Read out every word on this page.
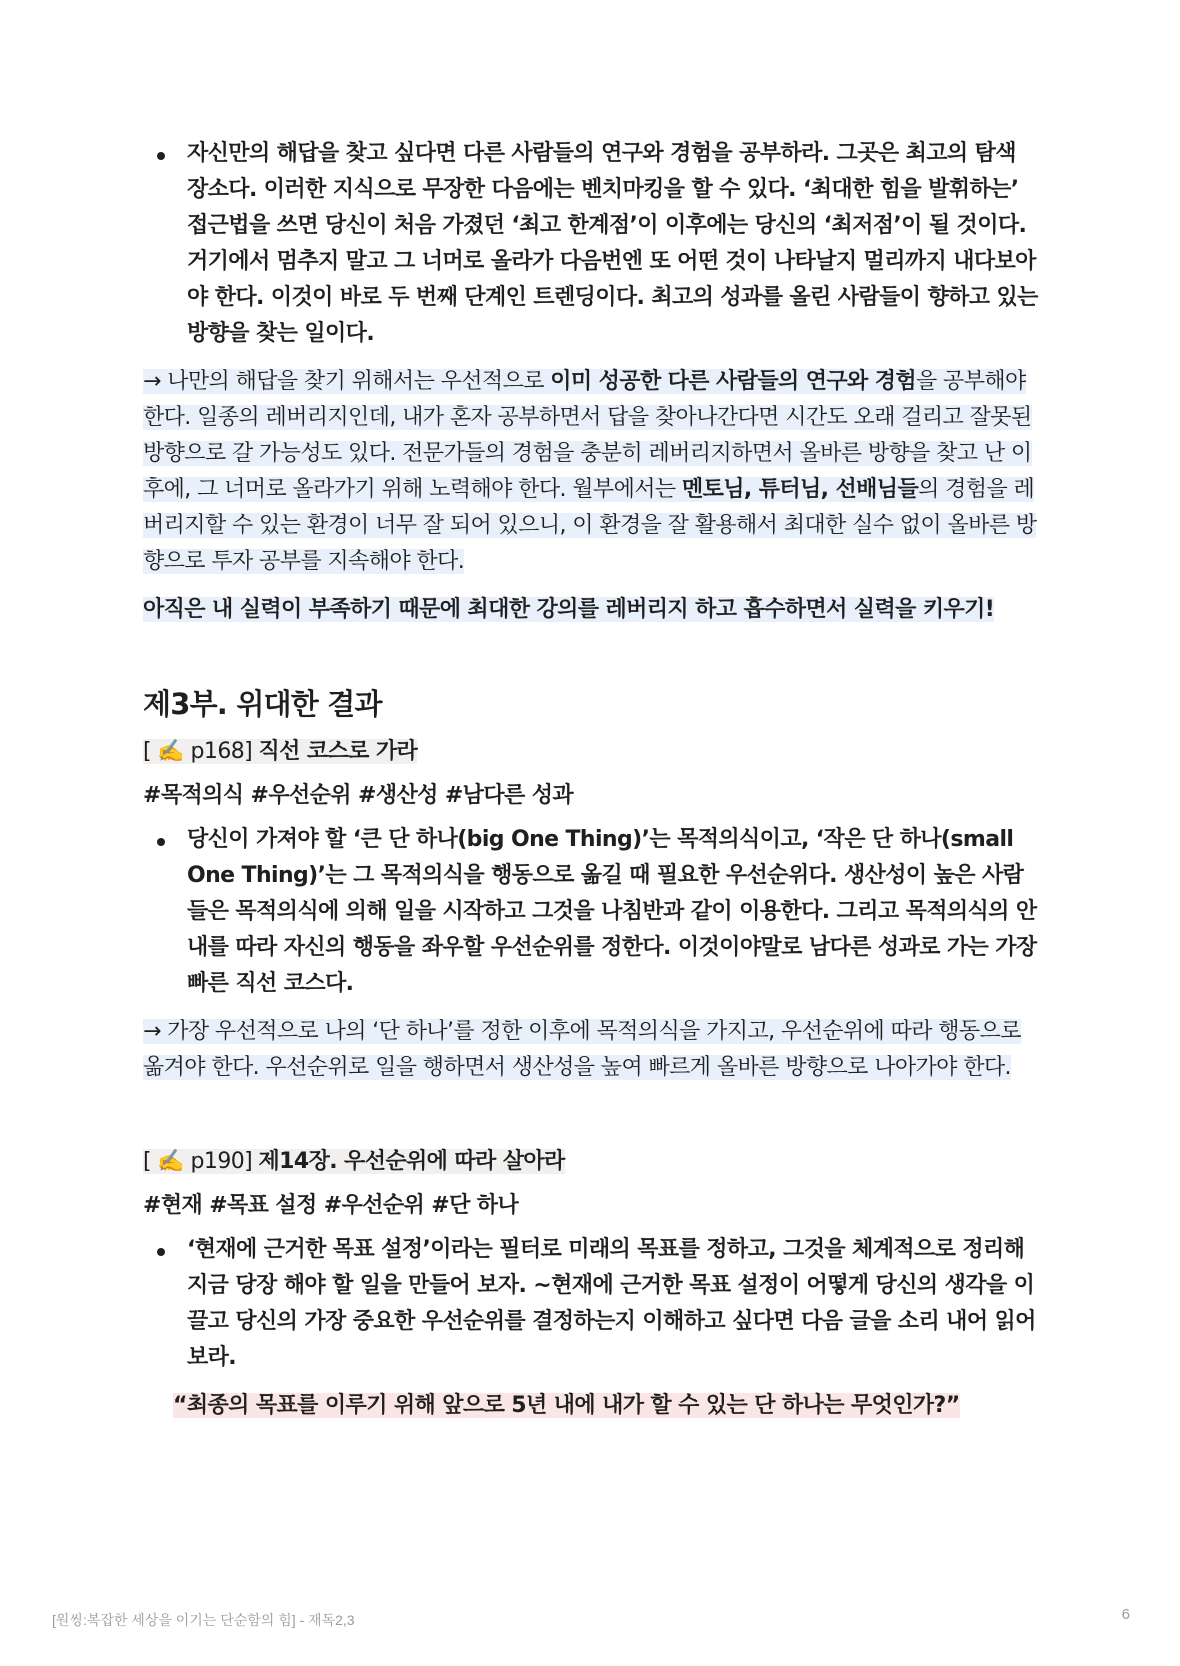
자신만의 해답을 찾고 싶다면 다른 사람들의 연구와 경험을 공부하라. 그곳은 최고의 탐색 장소다. 이러한 지식으로 무장한 다음에는 벤치마킹을 할 수 있다. ‘최대한 힘을 발휘하는’ 접근법을 쓰면 당신이 처음 가졌던 ‘최고 한계점’이 이후에는 당신의 ‘최저점’이 될 것이다. 거기에서 멈추지 말고 그 너머로 올라가 다음번엔 또 어떤 것이 나타날지 멀리까지 내다보아야 한다. 이것이 바로 두 번째 단계인 트렌딩이다. 최고의 성과를 올린 사람들이 향하고 있는 방향을 찾는 일이다.
→ 나만의 해답을 찾기 위해서는 우선적으로 이미 성공한 다른 사람들의 연구와 경험을 공부해야 한다. 일종의 레버리지인데, 내가 혼자 공부하면서 답을 찾아나간다면 시간도 오래 걸리고 잘못된 방향으로 갈 가능성도 있다. 전문가들의 경험을 충분히 레버리지하면서 올바른 방향을 찾고 난 이후에, 그 너머로 올라가기 위해 노력해야 한다. 월부에서는 멘토님, 튜터님, 선배님들의 경험을 레버리지할 수 있는 환경이 너무 잘 되어 있으니, 이 환경을 잘 활용해서 최대한 실수 없이 올바른 방향으로 투자 공부를 지속해야 한다.
아직은 내 실력이 부족하기 때문에 최대한 강의를 레버리지 하고 흡수하면서 실력을 키우기!
제3부. 위대한 결과
[ ✍️ p168] 직선 코스로 가라
#목적의식 #우선순위 #생산성 #남다른 성과
당신이 가져야 할 ‘큰 단 하나(big One Thing)’는 목적의식이고, ‘작은 단 하나(small One Thing)’는 그 목적의식을 행동으로 옮길 때 필요한 우선순위다. 생산성이 높은 사람들은 목적의식에 의해 일을 시작하고 그것을 나침반과 같이 이용한다. 그리고 목적의식의 안내를 따라 자신의 행동을 좌우할 우선순위를 정한다. 이것이야말로 남다른 성과로 가는 가장 빠른 직선 코스다.
→ 가장 우선적으로 나의 ‘단 하나’를 정한 이후에 목적의식을 가지고, 우선순위에 따라 행동으로 옮겨야 한다. 우선순위로 일을 행하면서 생산성을 높여 빠르게 올바른 방향으로 나아가야 한다.
[ ✍️ p190] 제14장. 우선순위에 따라 살아라
#현재 #목표 설정 #우선순위 #단 하나
‘현재에 근거한 목표 설정’이라는 필터로 미래의 목표를 정하고, 그것을 체계적으로 정리해 지금 당장 해야 할 일을 만들어 보자. ~현재에 근거한 목표 설정이 어떻게 당신의 생각을 이끌고 당신의 가장 중요한 우선순위를 결정하는지 이해하고 싶다면 다음 글을 소리 내어 읽어 보라.
“최종의 목표를 이루기 위해 앞으로 5년 내에 내가 할 수 있는 단 하나는 무엇인가?”
[원씽:복잡한 세상을 이기는 단순함의 힘] - 재독2,3	6
